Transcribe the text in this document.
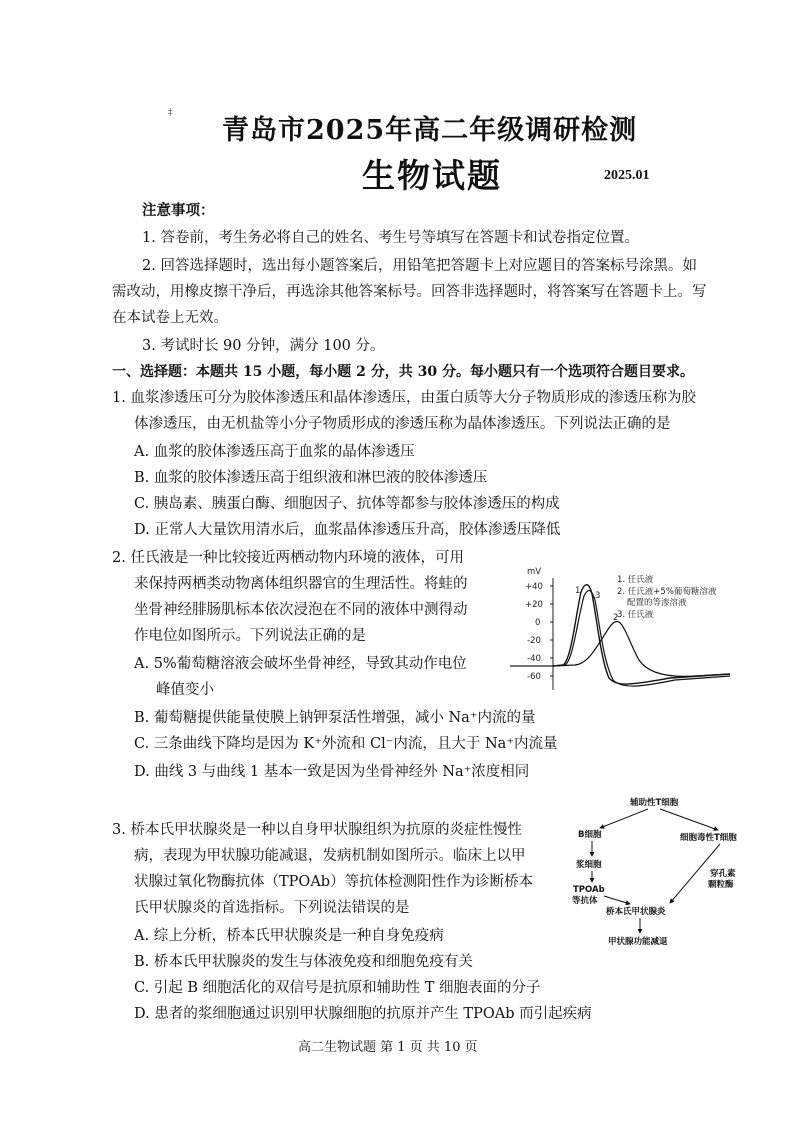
‡
青岛市2025年高二年级调研检测
生物试题	2025.01
注意事项：
1. 答卷前，考生务必将自己的姓名、考生号等填写在答题卡和试卷指定位置。
2. 回答选择题时，选出每小题答案后，用铅笔把答题卡上对应题目的答案标号涂黑。如
需改动，用橡皮擦干净后，再选涂其他答案标号。回答非选择题时，将答案写在答题卡上。写
在本试卷上无效。
3. 考试时长 90 分钟，满分 100 分。
一、选择题：本题共 15 小题，每小题 2 分，共 30 分。每小题只有一个选项符合题目要求。
1. 血浆渗透压可分为胶体渗透压和晶体渗透压，由蛋白质等大分子物质形成的渗透压称为胶
体渗透压，由无机盐等小分子物质形成的渗透压称为晶体渗透压。下列说法正确的是
A. 血浆的胶体渗透压高于血浆的晶体渗透压
B. 血浆的胶体渗透压高于组织液和淋巴液的胶体渗透压
C. 胰岛素、胰蛋白酶、细胞因子、抗体等都参与胶体渗透压的构成
D. 正常人大量饮用清水后，血浆晶体渗透压升高，胶体渗透压降低
2. 任氏液是一种比较接近两栖动物内环境的液体，可用
来保持两栖类动物离体组织器官的生理活性。将蛙的
坐骨神经腓肠肌标本依次浸泡在不同的液体中测得动
作电位如图所示。下列说法正确的是
A. 5%葡萄糖溶液会破坏坐骨神经，导致其动作电位
峰值变小
B. 葡萄糖提供能量使膜上钠钾泵活性增强，减小 Na⁺内流的量
C. 三条曲线下降均是因为 K⁺外流和 Cl⁻内流，且大于 Na⁺内流量
D. 曲线 3 与曲线 1 基本一致是因为坐骨神经外 Na⁺浓度相同
mV
+40
+20
0
-20
-40
-60
1 3
2
1. 任氏液
2. 任氏液+5%葡萄糖溶液
配置的等渗溶液
3. 任氏液
3. 桥本氏甲状腺炎是一种以自身甲状腺组织为抗原的炎症性慢性
病，表现为甲状腺功能减退，发病机制如图所示。临床上以甲
状腺过氧化物酶抗体（TPOAb）等抗体检测阳性作为诊断桥本
氏甲状腺炎的首选指标。下列说法错误的是
A. 综上分析，桥本氏甲状腺炎是一种自身免疫病
B. 桥本氏甲状腺炎的发生与体液免疫和细胞免疫有关
C. 引起 B 细胞活化的双信号是抗原和辅助性 T 细胞表面的分子
D. 患者的浆细胞通过识别甲状腺细胞的抗原并产生 TPOAb 而引起疾病
辅助性T细胞
B细胞
浆细胞
TPOAb
等抗体
细胞毒性T细胞
穿孔素
颗粒酶
桥本氏甲状腺炎
甲状腺功能减退
高二生物试题 第 1 页 共 10 页
